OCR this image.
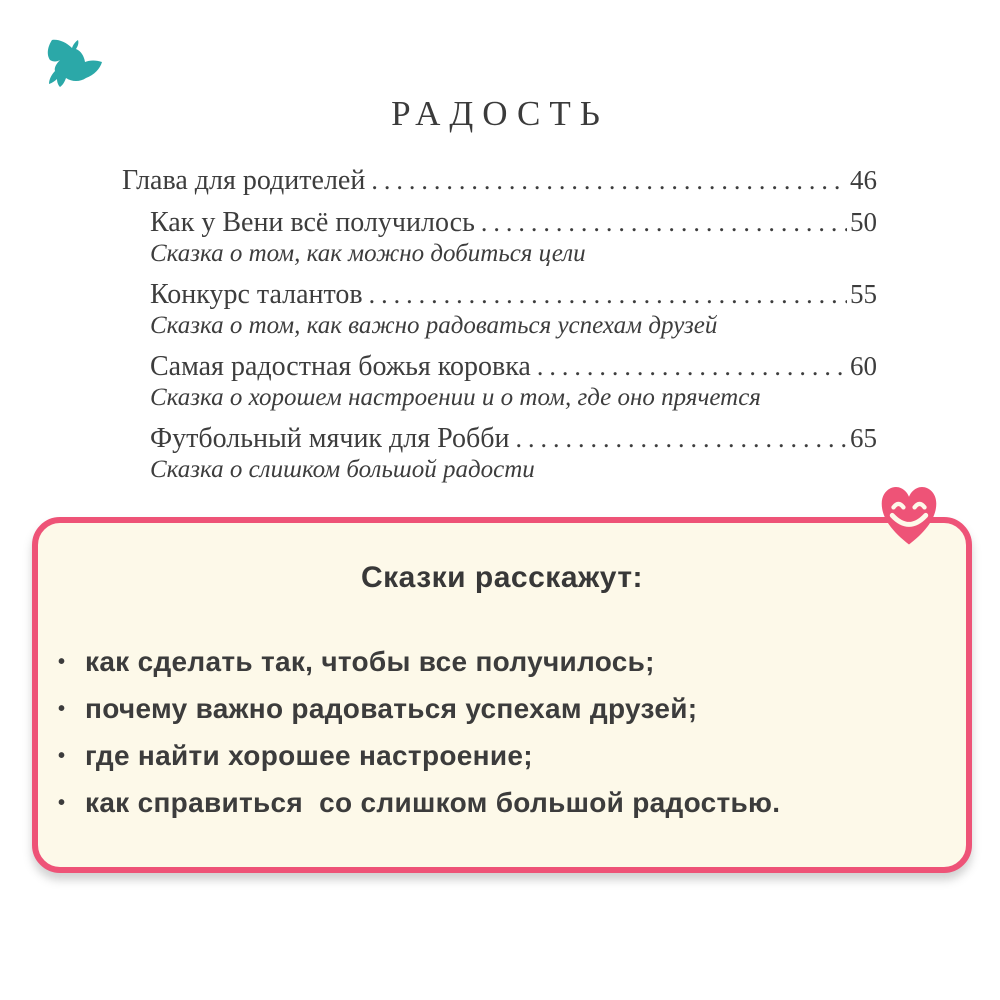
РАДОСТЬ
Глава для родителей .....	46
Как у Вени всё получилось .....	50
Сказка о том, как можно добиться цели
Конкурс талантов .....	55
Сказка о том, как важно радоваться успехам друзей
Самая радостная божья коровка .....	60
Сказка о хорошем настроении и о том, где оно прячется
Футбольный мячик для Робби .....	65
Сказка о слишком большой радости
Сказки расскажут:
• как сделать так, чтобы все получилось;
• почему важно радоваться успехам друзей;
• где найти хорошее настроение;
• как справиться  со слишком большой радостью.
